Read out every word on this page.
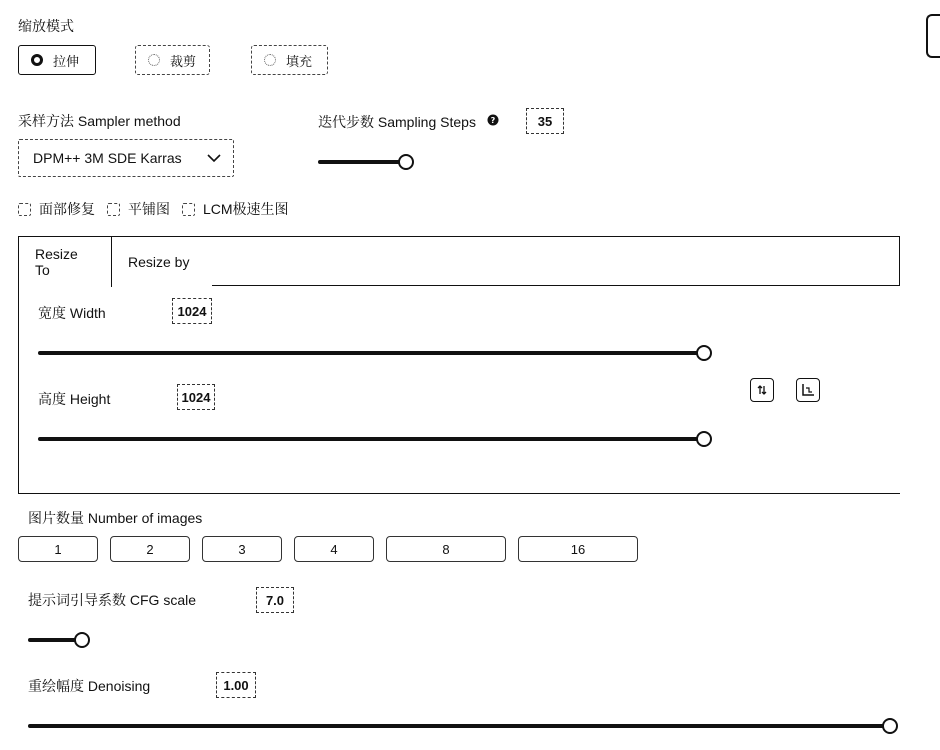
缩放模式
拉伸	裁剪	填充
采样方法 Sampler method
DPM++ 3M SDE Karras
迭代步数 Sampling Steps ?	35
面部修复 平铺图 LCM极速生图
Resize To	Resize by
宽度 Width	1024
高度 Height	1024
图片数量 Number of images
1	2	3	4	8	16
提示词引导系数 CFG scale	7.0
重绘幅度 Denoising	1.00
